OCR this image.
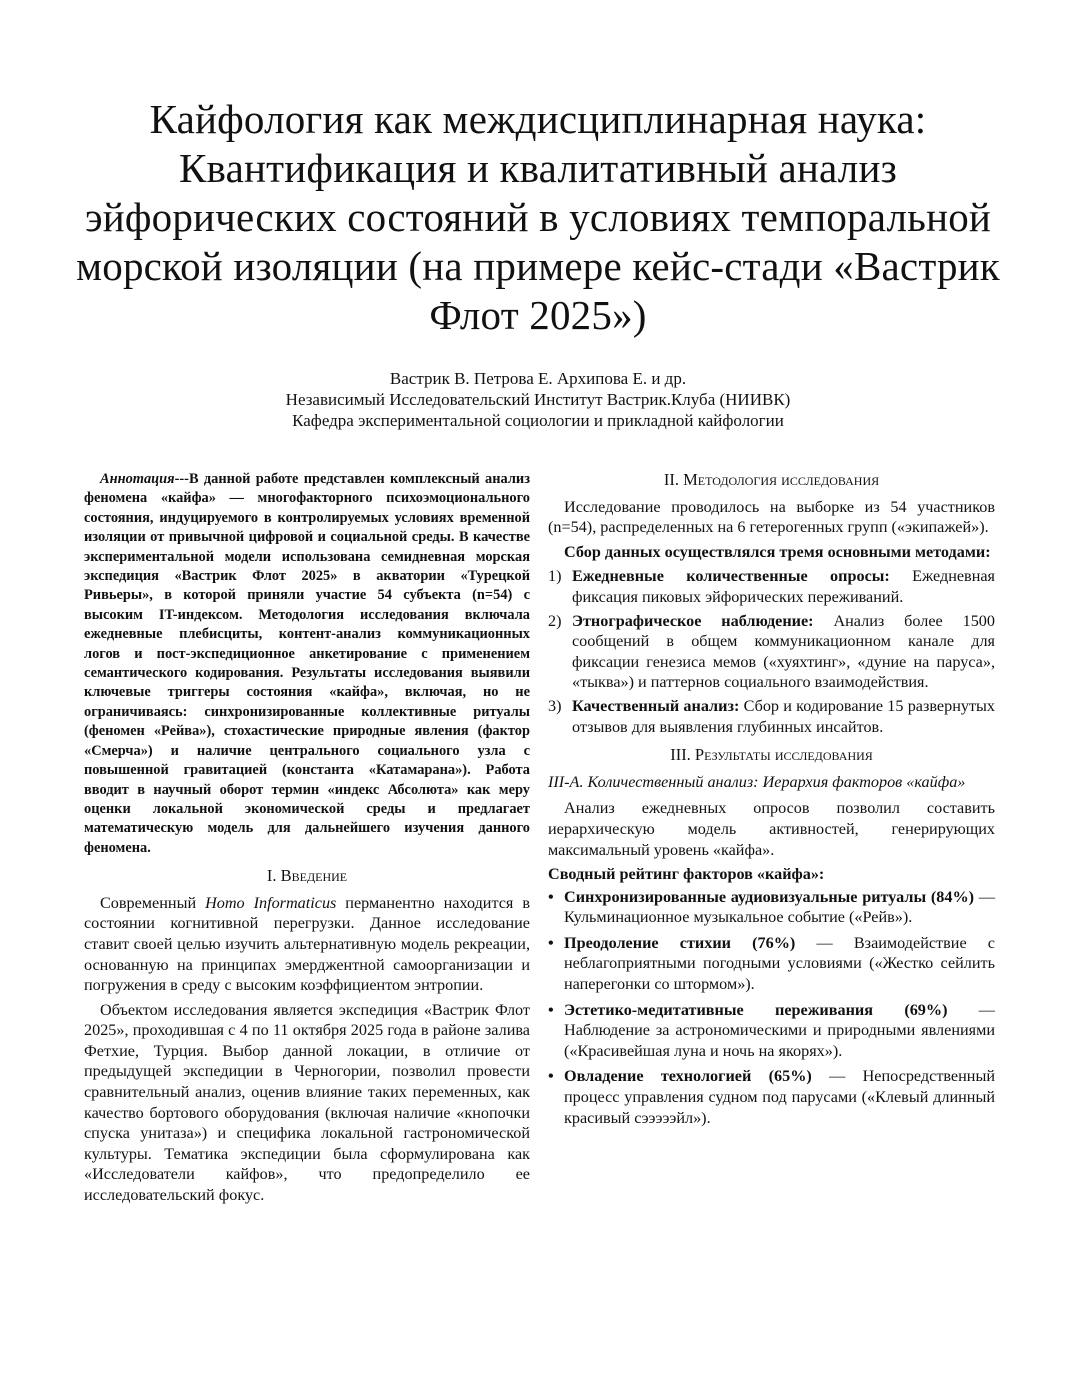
Кайфология как междисциплинарная наука: Квантификация и квалитативный анализ эйфорических состояний в условиях темпоральной морской изоляции (на примере кейс-стади «Вастрик Флот 2025»)
Вастрик В. Петрова Е. Архипова Е. и др.
Независимый Исследовательский Институт Вастрик.Клуба (НИИВК)
Кафедра экспериментальной социологии и прикладной кайфологии

Аннотация---В данной работе представлен комплексный анализ феномена «кайфа» — многофакторного психоэмоционального состояния, индуцируемого в контролируемых условиях временной изоляции от привычной цифровой и социальной среды. В качестве экспериментальной модели использована семидневная морская экспедиция «Вастрик Флот 2025» в акватории «Турецкой Ривьеры», в которой приняли участие 54 субъекта (n=54) с высоким IT-индексом. Методология исследования включала ежедневные плебисциты, контент-анализ коммуникационных логов и пост-экспедиционное анкетирование с применением семантического кодирования. Результаты исследования выявили ключевые триггеры состояния «кайфа», включая, но не ограничиваясь: синхронизированные коллективные ритуалы (феномен «Рейва»), стохастические природные явления (фактор «Смерча») и наличие центрального социального узла с повышенной гравитацией (константа «Катамарана»). Работа вводит в научный оборот термин «индекс Абсолюта» как меру оценки локальной экономической среды и предлагает математическую модель для дальнейшего изучения данного феномена.

I. Введение

Современный Homo Informaticus перманентно находится в состоянии когнитивной перегрузки. Данное исследование ставит своей целью изучить альтернативную модель рекреации, основанную на принципах эмерджентной самоорганизации и погружения в среду с высоким коэффициентом энтропии.

Объектом исследования является экспедиция «Вастрик Флот 2025», проходившая с 4 по 11 октября 2025 года в районе залива Фетхие, Турция. Выбор данной локации, в отличие от предыдущей экспедиции в Черногории, позволил провести сравнительный анализ, оценив влияние таких переменных, как качество бортового оборудования (включая наличие «кнопочки спуска унитаза») и специфика локальной гастрономической культуры. Тематика экспедиции была сформулирована как «Исследователи кайфов», что предопределило ее исследовательский фокус.

II. Методология исследования

Исследование проводилось на выборке из 54 участников (n=54), распределенных на 6 гетерогенных групп («экипажей»).

Сбор данных осуществлялся тремя основными методами:

1) Ежедневные количественные опросы: Ежедневная фиксация пиковых эйфорических переживаний.
2) Этнографическое наблюдение: Анализ более 1500 сообщений в общем коммуникационном канале для фиксации генезиса мемов («хуяхтинг», «дуние на паруса», «тыква») и паттернов социального взаимодействия.
3) Качественный анализ: Сбор и кодирование 15 развернутых отзывов для выявления глубинных инсайтов.
III. Результаты исследования

III-A. Количественный анализ: Иерархия факторов «кайфа»

Анализ ежедневных опросов позволил составить иерархическую модель активностей, генерирующих максимальный уровень «кайфа».

Сводный рейтинг факторов «кайфа»:

• Синхронизированные аудиовизуальные ритуалы (84%) — Кульминационное музыкальное событие («Рейв»).
• Преодоление стихии (76%) — Взаимодействие с неблагоприятными погодными условиями («Жестко сейлить наперегонки со штормом»).
• Эстетико-медитативные переживания (69%) — Наблюдение за астрономическими и природными явлениями («Красивейшая луна и ночь на якорях»).
• Овладение технологией (65%) — Непосредственный процесс управления судном под парусами («Клевый длинный красивый сэээээйл»).
